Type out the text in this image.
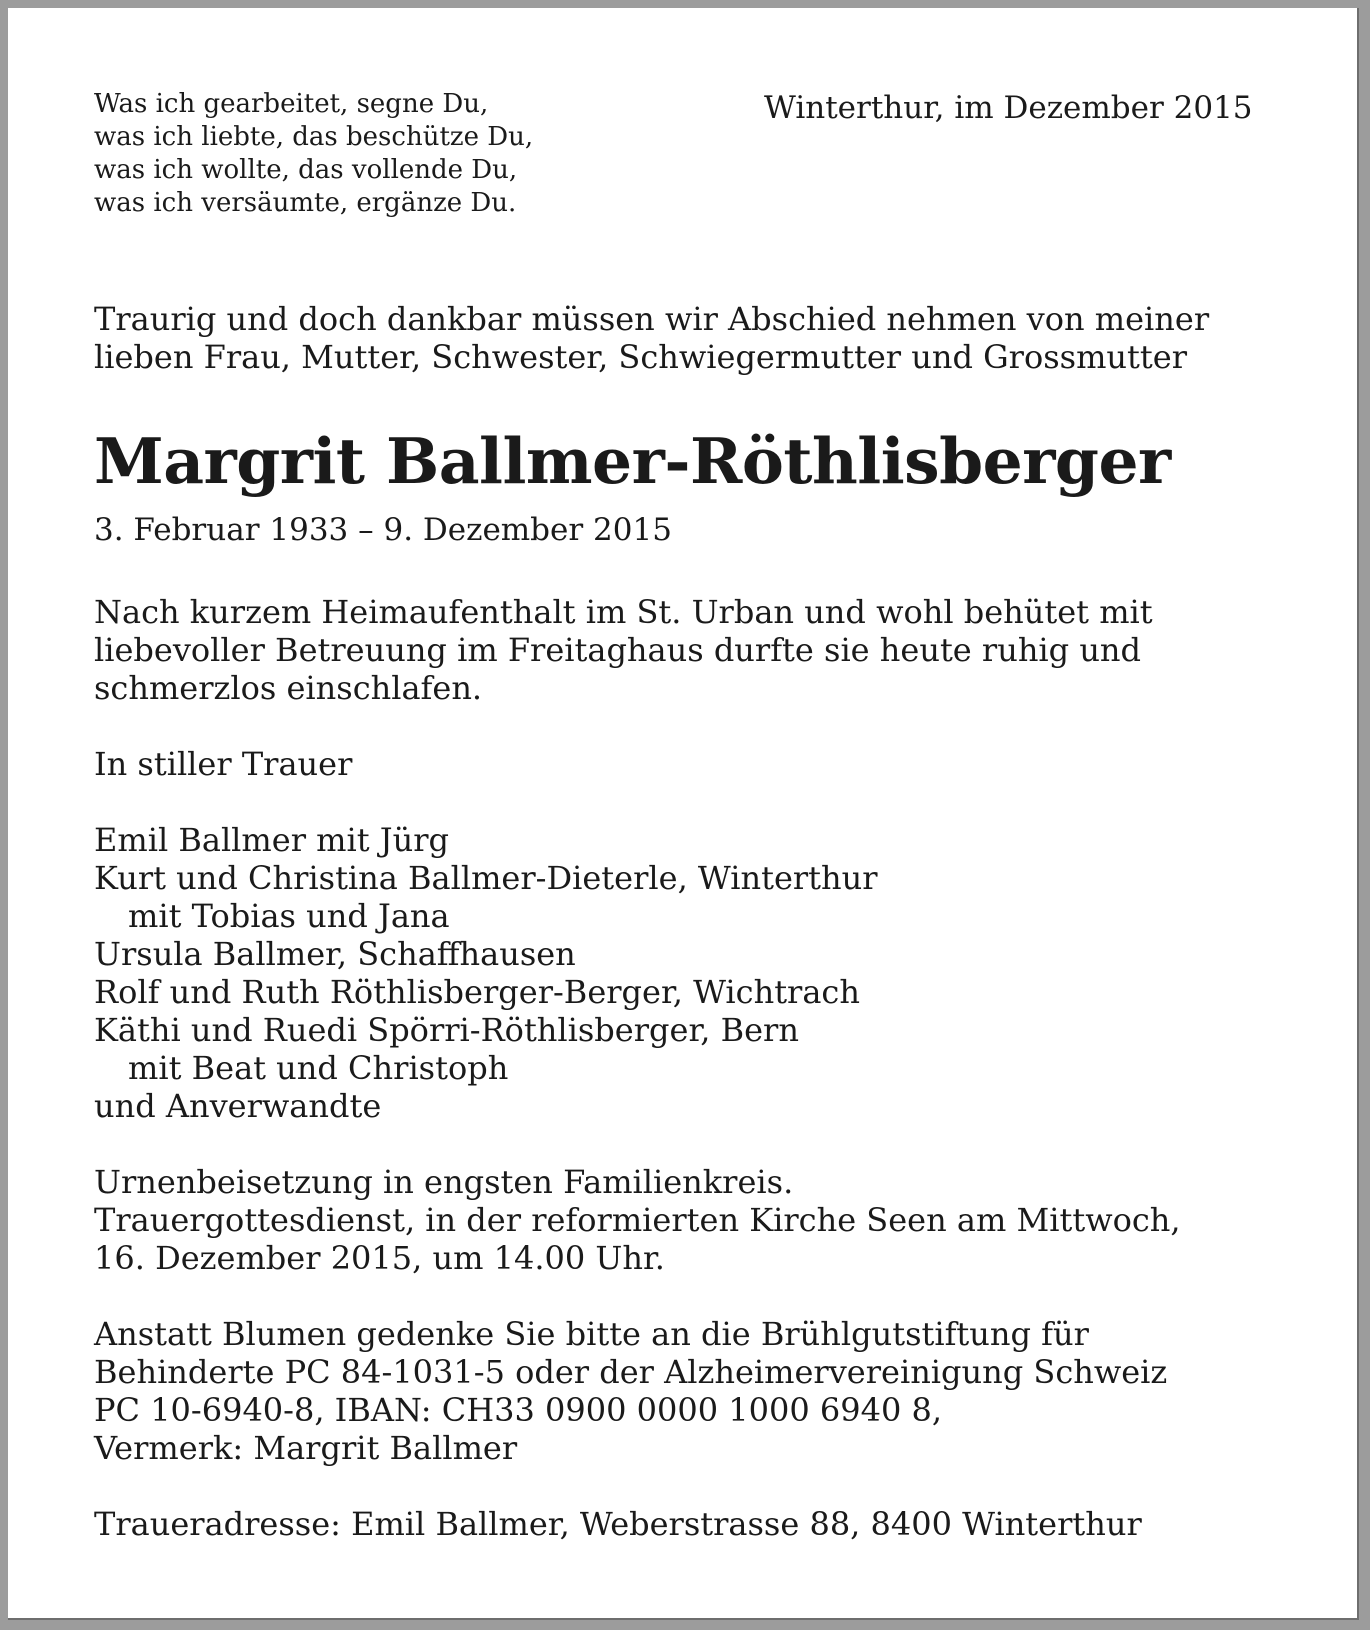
Was ich gearbeitet, segne Du,
was ich liebte, das beschütze Du,
was ich wollte, das vollende Du,
was ich versäumte, ergänze Du.
Winterthur, im Dezember 2015
Traurig und doch dankbar müssen wir Abschied nehmen von meiner
lieben Frau, Mutter, Schwester, Schwiegermutter und Grossmutter
Margrit Ballmer-Röthlisberger
3. Februar 1933 – 9. Dezember 2015
Nach kurzem Heimaufenthalt im St. Urban und wohl behütet mit
liebevoller Betreuung im Freitaghaus durfte sie heute ruhig und
schmerzlos einschlafen.
In stiller Trauer
Emil Ballmer mit Jürg
Kurt und Christina Ballmer-Dieterle, Winterthur
mit Tobias und Jana
Ursula Ballmer, Schaffhausen
Rolf und Ruth Röthlisberger-Berger, Wichtrach
Käthi und Ruedi Spörri-Röthlisberger, Bern
mit Beat und Christoph
und Anverwandte
Urnenbeisetzung in engsten Familienkreis.
Trauergottesdienst, in der reformierten Kirche Seen am Mittwoch,
16. Dezember 2015, um 14.00 Uhr.
Anstatt Blumen gedenke Sie bitte an die Brühlgutstiftung für
Behinderte PC 84-1031-5 oder der Alzheimervereinigung Schweiz
PC 10-6940-8, IBAN: CH33 0900 0000 1000 6940 8,
Vermerk: Margrit Ballmer
Traueradresse: Emil Ballmer, Weberstrasse 88, 8400 Winterthur
